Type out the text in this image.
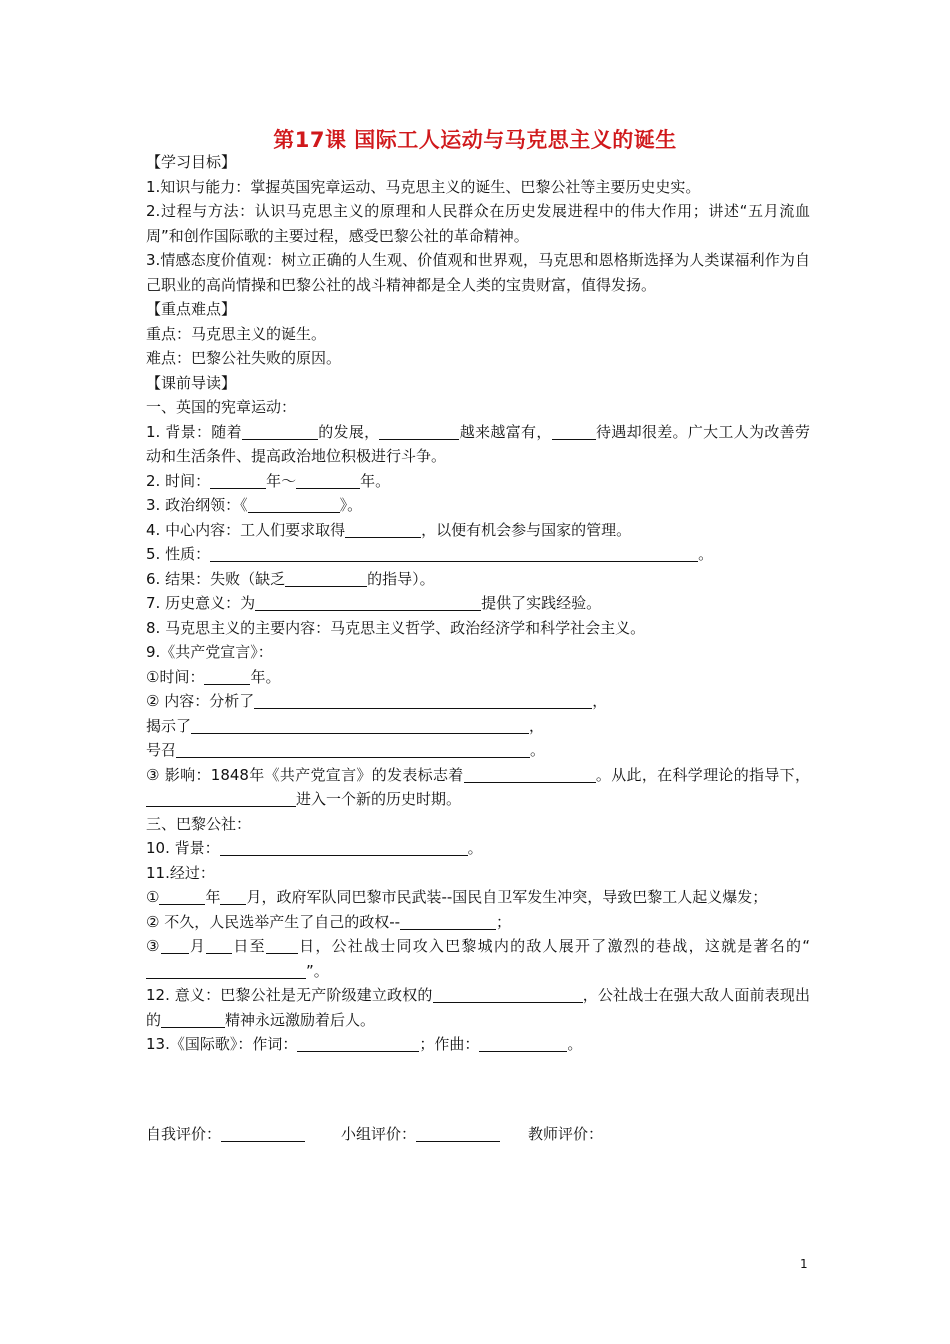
第17课 国际工人运动与马克思主义的诞生
【学习目标】
1.知识与能力：掌握英国宪章运动、马克思主义的诞生、巴黎公社等主要历史史实。
2.过程与方法：认识马克思主义的原理和人民群众在历史发展进程中的伟大作用；讲述“五月流血周”和创作国际歌的主要过程，感受巴黎公社的革命精神。
3.情感态度价值观：树立正确的人生观、价值观和世界观，马克思和恩格斯选择为人类谋福利作为自己职业的高尚情操和巴黎公社的战斗精神都是全人类的宝贵财富，值得发扬。
【重点难点】
重点：马克思主义的诞生。
难点：巴黎公社失败的原因。
【课前导读】
一、英国的宪章运动：
1. 背景：随着	的发展，	越来越富有，	待遇却很差。广大工人为改善劳动和生活条件、提高政治地位积极进行斗争。
2. 时间：	年～	年。
3. 政治纲领：《	》。
4. 中心内容：工人们要求取得	，以便有机会参与国家的管理。
5. 性质：	。
6. 结果：失败（缺乏	的指导）。
7. 历史意义：为	提供了实践经验。
8. 马克思主义的主要内容：马克思主义哲学、政治经济学和科学社会主义。
9.《共产党宣言》：
①时间：	年。
② 内容：分析了	，
揭示了	，
号召	。
③ 影响：1848年《共产党宣言》的发表标志着	。从此，在科学理论的指导下，进入一个新的历史时期。
三、巴黎公社：
10. 背景：	。
11.经过：
①	年 月，政府军队同巴黎市民武装--国民自卫军发生冲突，导致巴黎工人起义爆发；
② 不久，人民选举产生了自己的政权--	；
③ 月 日至 日，公社战士同攻入巴黎城内的敌人展开了激烈的巷战，这就是著名的“”。
12. 意义：巴黎公社是无产阶级建立政权的	，公社战士在强大敌人面前表现出的	精神永远激励着后人。
13.《国际歌》：作词：	；作曲：	。
自我评价：	小组评价：	教师评价：
1
